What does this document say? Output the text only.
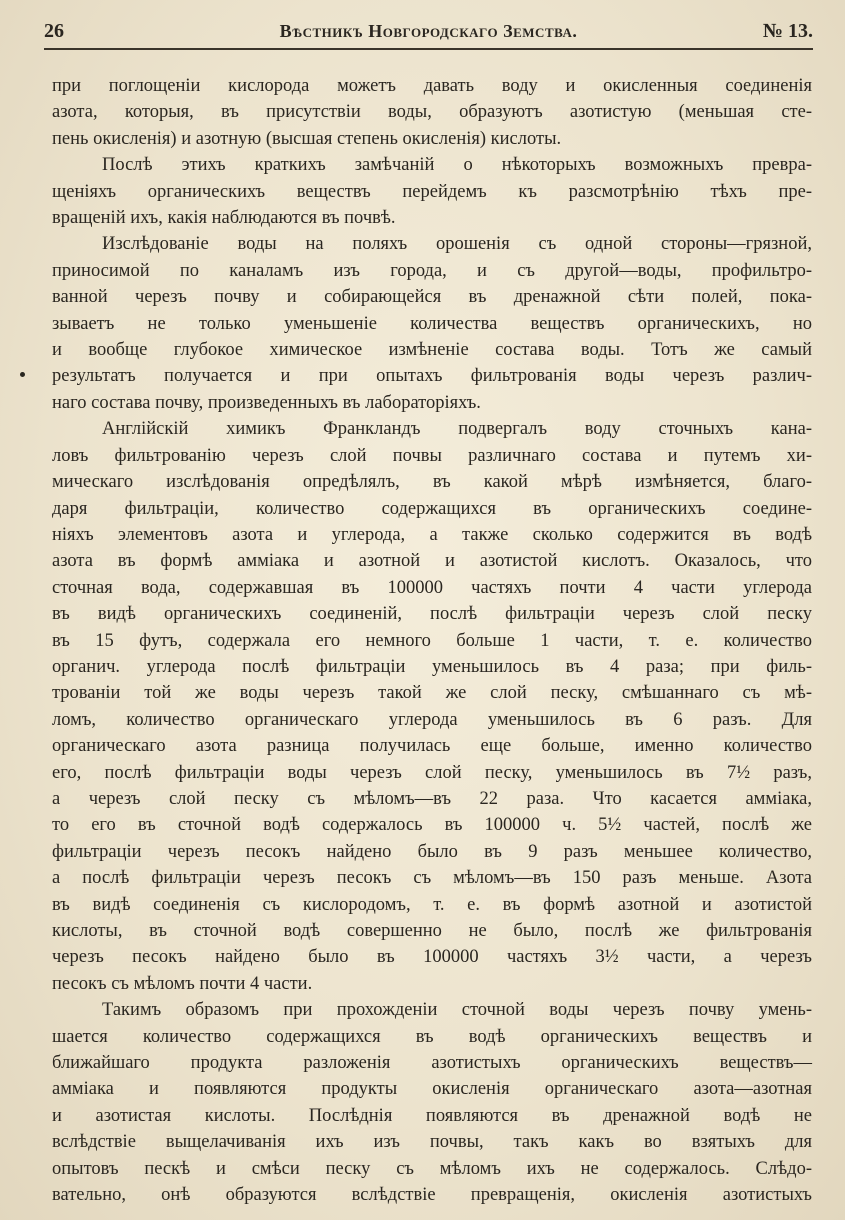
26	Вѣстникъ Новгородскаго Земства.	№ 13.
при поглощеніи кислорода можетъ давать воду и окисленныя соединенія
азота, которыя, въ присутствіи воды, образуютъ азотистую (меньшая сте-
пень окисленія) и азотную (высшая степень окисленія) кислоты.
Послѣ этихъ краткихъ замѣчаній о нѣкоторыхъ возможныхъ превра-
щеніяхъ органическихъ веществъ перейдемъ къ разсмотрѣнію тѣхъ пре-
вращеній ихъ, какія наблюдаются въ почвѣ.
Изслѣдованіе воды на поляхъ орошенія съ одной стороны—грязной,
приносимой по каналамъ изъ города, и съ другой—воды, профильтро-
ванной черезъ почву и собирающейся въ дренажной сѣти полей, пока-
зываетъ не только уменьшеніе количества веществъ органическихъ, но
и вообще глубокое химическое измѣненіе состава воды. Тотъ же самый
результатъ получается и при опытахъ фильтрованія воды черезъ различ-
наго состава почву, произведенныхъ въ лабораторіяхъ.
Англійскій химикъ Франкландъ подвергалъ воду сточныхъ кана-
ловъ фильтрованію черезъ слой почвы различнаго состава и путемъ хи-
мическаго изслѣдованія опредѣлялъ, въ какой мѣрѣ измѣняется, благо-
даря фильтраціи, количество содержащихся въ органическихъ соедине-
ніяхъ элементовъ азота и углерода, а также сколько содержится въ водѣ
азота въ формѣ амміака и азотной и азотистой кислотъ. Оказалось, что
сточная вода, содержавшая въ 100000 частяхъ почти 4 части углерода
въ видѣ органическихъ соединеній, послѣ фильтраціи черезъ слой песку
въ 15 футъ, содержала его немного больше 1 части, т. е. количество
органич. углерода послѣ фильтраціи уменьшилось въ 4 раза; при филь-
трованіи той же воды черезъ такой же слой песку, смѣшаннаго съ мѣ-
ломъ, количество органическаго углерода уменьшилось въ 6 разъ. Для
органическаго азота разница получилась еще больше, именно количество
его, послѣ фильтраціи воды черезъ слой песку, уменьшилось въ 7½ разъ,
а черезъ слой песку съ мѣломъ—въ 22 раза. Что касается амміака,
то его въ сточной водѣ содержалось въ 100000 ч. 5½ частей, послѣ же
фильтраціи черезъ песокъ найдено было въ 9 разъ меньшее количество,
а послѣ фильтраціи черезъ песокъ съ мѣломъ—въ 150 разъ меньше. Азота
въ видѣ соединенія съ кислородомъ, т. е. въ формѣ азотной и азотистой
кислоты, въ сточной водѣ совершенно не было, послѣ же фильтрованія
черезъ песокъ найдено было въ 100000 частяхъ 3½ части, а черезъ
песокъ съ мѣломъ почти 4 части.
Такимъ образомъ при прохожденіи сточной воды черезъ почву умень-
шается количество содержащихся въ водѣ органическихъ веществъ и
ближайшаго продукта разложенія азотистыхъ органическихъ веществъ—
амміака и появляются продукты окисленія органическаго азота—азотная
и азотистая кислоты. Послѣднія появляются въ дренажной водѣ не
вслѣдствіе выщелачиванія ихъ изъ почвы, такъ какъ во взятыхъ для
опытовъ пескѣ и смѣси песку съ мѣломъ ихъ не содержалось. Слѣдо-
вательно, онѣ образуются вслѣдствіе превращенія, окисленія азотистыхъ
